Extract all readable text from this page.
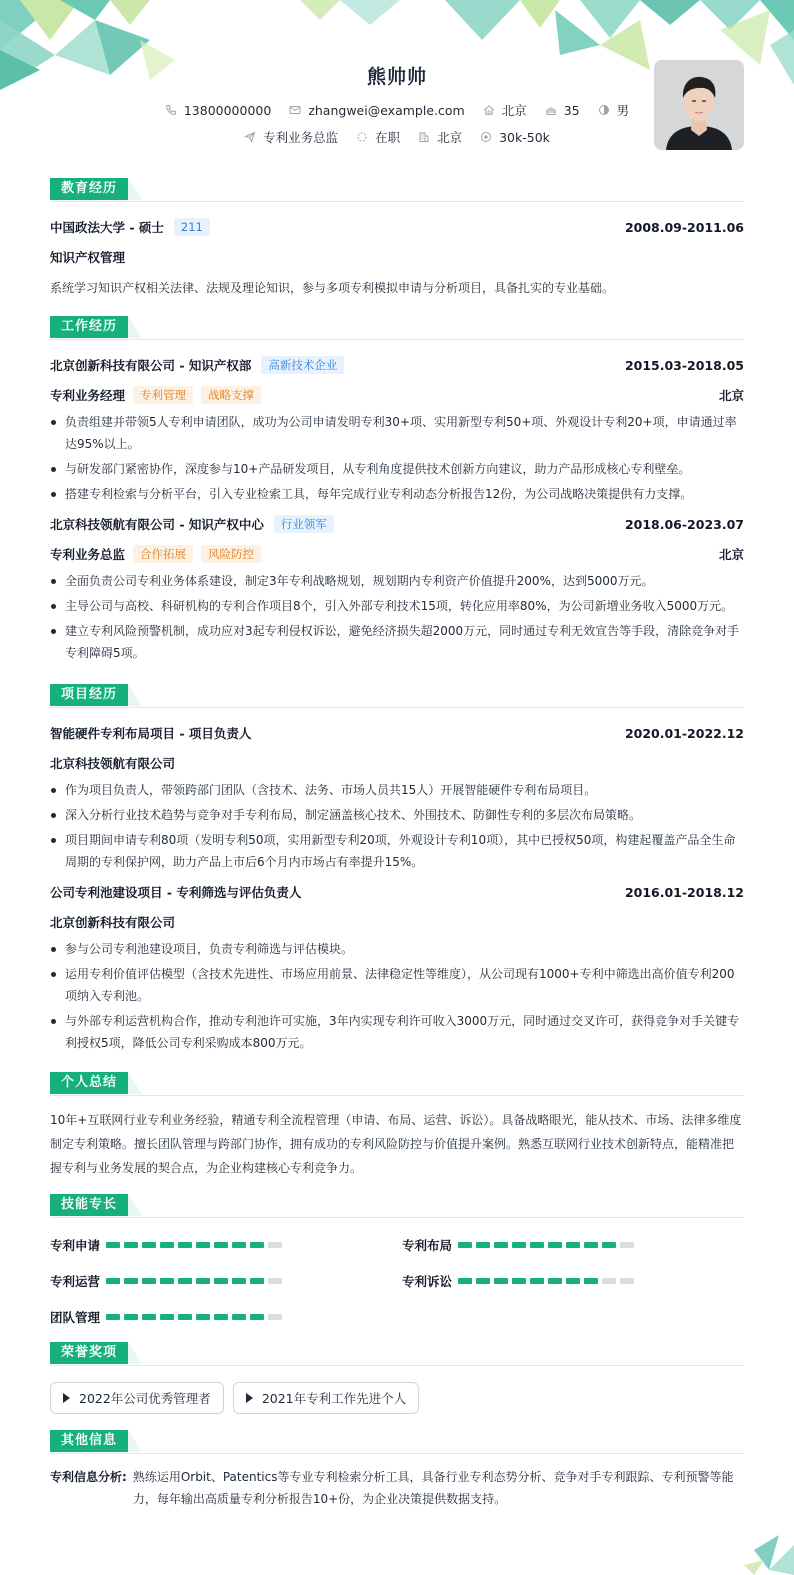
熊帅帅
13800000000	zhangwei@example.com	北京	35	男
专利业务总监	在职	北京	30k-50k
教育经历
中国政法大学 - 硕士	211	2008.09-2011.06
知识产权管理
系统学习知识产权相关法律、法规及理论知识，参与多项专利模拟申请与分析项目，具备扎实的专业基础。
工作经历
北京创新科技有限公司 - 知识产权部	高新技术企业	2015.03-2018.05
专利业务经理	专利管理	战略支撑	北京
负责组建并带领5人专利申请团队，成功为公司申请发明专利30+项、实用新型专利50+项、外观设计专利20+项，申请通过率达95%以上。
与研发部门紧密协作，深度参与10+产品研发项目，从专利角度提供技术创新方向建议，助力产品形成核心专利壁垒。
搭建专利检索与分析平台，引入专业检索工具，每年完成行业专利动态分析报告12份，为公司战略决策提供有力支撑。
北京科技领航有限公司 - 知识产权中心	行业领军	2018.06-2023.07
专利业务总监	合作拓展	风险防控	北京
全面负责公司专利业务体系建设，制定3年专利战略规划，规划期内专利资产价值提升200%，达到5000万元。
主导公司与高校、科研机构的专利合作项目8个，引入外部专利技术15项，转化应用率80%，为公司新增业务收入5000万元。
建立专利风险预警机制，成功应对3起专利侵权诉讼，避免经济损失超2000万元，同时通过专利无效宣告等手段，清除竞争对手专利障碍5项。
项目经历
智能硬件专利布局项目 - 项目负责人	2020.01-2022.12
北京科技领航有限公司
作为项目负责人，带领跨部门团队（含技术、法务、市场人员共15人）开展智能硬件专利布局项目。
深入分析行业技术趋势与竞争对手专利布局，制定涵盖核心技术、外围技术、防御性专利的多层次布局策略。
项目期间申请专利80项（发明专利50项，实用新型专利20项，外观设计专利10项），其中已授权50项，构建起覆盖产品全生命周期的专利保护网，助力产品上市后6个月内市场占有率提升15%。
公司专利池建设项目 - 专利筛选与评估负责人	2016.01-2018.12
北京创新科技有限公司
参与公司专利池建设项目，负责专利筛选与评估模块。
运用专利价值评估模型（含技术先进性、市场应用前景、法律稳定性等维度），从公司现有1000+专利中筛选出高价值专利200项纳入专利池。
与外部专利运营机构合作，推动专利池许可实施，3年内实现专利许可收入3000万元，同时通过交叉许可，获得竞争对手关键专利授权5项，降低公司专利采购成本800万元。
个人总结
10年+互联网行业专利业务经验，精通专利全流程管理（申请、布局、运营、诉讼）。具备战略眼光，能从技术、市场、法律多维度制定专利策略。擅长团队管理与跨部门协作，拥有成功的专利风险防控与价值提升案例。熟悉互联网行业技术创新特点，能精准把握专利与业务发展的契合点，为企业构建核心专利竞争力。
技能专长
专利申请	专利布局
专利运营	专利诉讼
团队管理
荣誉奖项
2022年公司优秀管理者	2021年专利工作先进个人
其他信息
专利信息分析: 熟练运用Orbit、Patentics等专业专利检索分析工具，具备行业专利态势分析、竞争对手专利跟踪、专利预警等能力，每年输出高质量专利分析报告10+份，为企业决策提供数据支持。
